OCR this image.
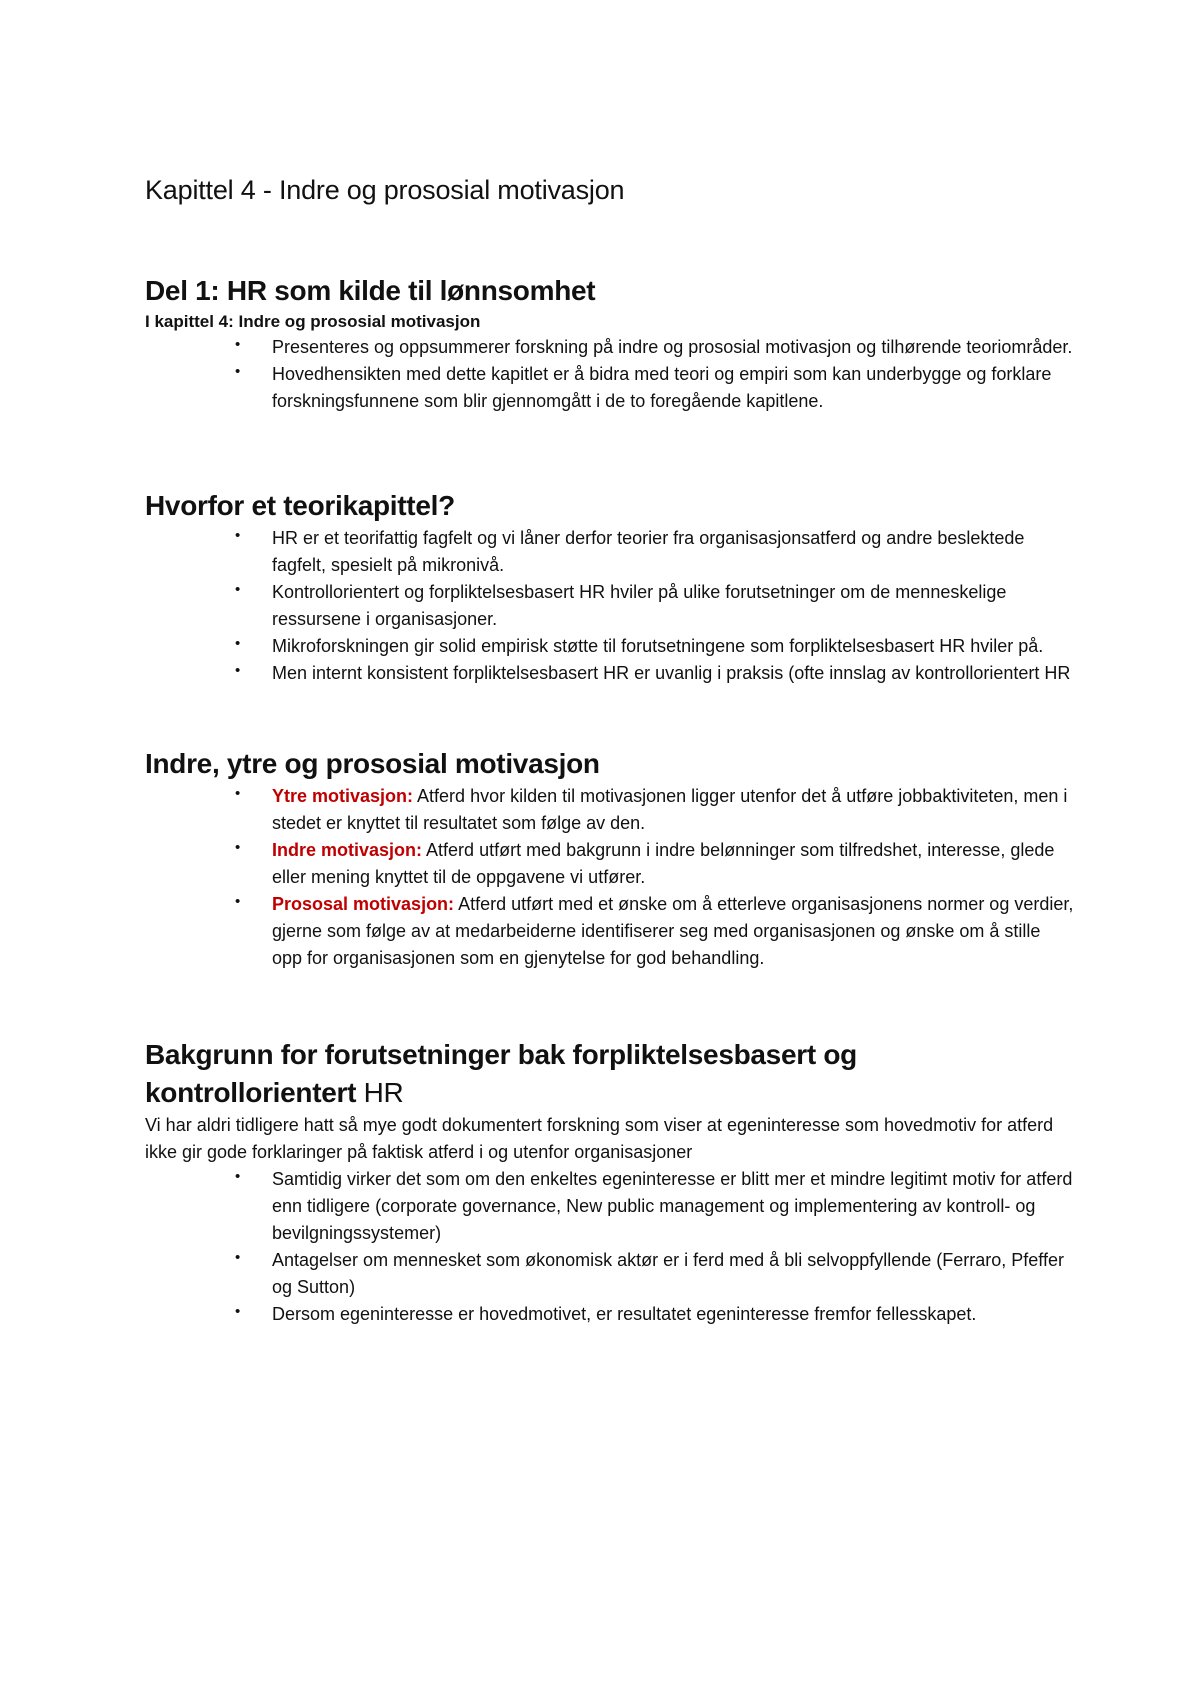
Kapittel 4 - Indre og prososial motivasjon
Del 1: HR som kilde til lønnsomhet

I kapittel 4: Indre og prososial motivasjon

• Presenteres og oppsummerer forskning på indre og prososial motivasjon og tilhørende teoriområder.
• Hovedhensikten med dette kapitlet er å bidra med teori og empiri som kan underbygge og forklare forskningsfunnene som blir gjennomgått i de to foregående kapitlene.
Hvorfor et teorikapittel?
• HR er et teorifattig fagfelt og vi låner derfor teorier fra organisasjonsatferd og andre beslektede fagfelt, spesielt på mikronivå.
• Kontrollorientert og forpliktelsesbasert HR hviler på ulike forutsetninger om de menneskelige ressursene i organisasjoner.
• Mikroforskningen gir solid empirisk støtte til forutsetningene som forpliktelsesbasert HR hviler på.
• Men internt konsistent forpliktelsesbasert HR er uvanlig i praksis (ofte innslag av kontrollorientert HR
Indre, ytre og prososial motivasjon
• Ytre motivasjon: Atferd hvor kilden til motivasjonen ligger utenfor det å utføre jobbaktiviteten, men i stedet er knyttet til resultatet som følge av den.
• Indre motivasjon: Atferd utført med bakgrunn i indre belønninger som tilfredshet, interesse, glede eller mening knyttet til de oppgavene vi utfører.
• Prososal motivasjon: Atferd utført med et ønske om å etterleve organisasjonens normer og verdier, gjerne som følge av at medarbeiderne identifiserer seg med organisasjonen og ønske om å stille opp for organisasjonen som en gjenytelse for god behandling.
Bakgrunn for forutsetninger bak forpliktelsesbasert og kontrollorientert HR

Vi har aldri tidligere hatt så mye godt dokumentert forskning som viser at egeninteresse som hovedmotiv for atferd ikke gir gode forklaringer på faktisk atferd i og utenfor organisasjoner

• Samtidig virker det som om den enkeltes egeninteresse er blitt mer et mindre legitimt motiv for atferd enn tidligere (corporate governance, New public management og implementering av kontroll- og bevilgningssystemer)
• Antagelser om mennesket som økonomisk aktør er i ferd med å bli selvoppfyllende (Ferraro, Pfeffer og Sutton)
• Dersom egeninteresse er hovedmotivet, er resultatet egeninteresse fremfor fellesskapet.
